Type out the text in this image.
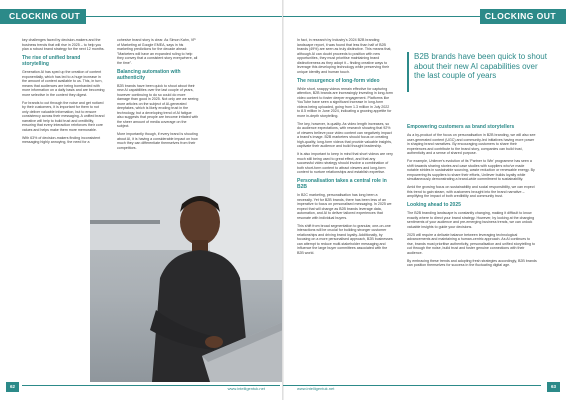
CLOCKING OUT

key challenges faced by decision-makers and the business trends that will rise in 2025 – to help you plan a robust brand strategy for the next 12 months.

The rise of unified brand storytelling

Generation AI has sped up the creation of content exponentially, which has led to a huge increase in the amount of content available to us. This, in turn, means that audiences are being bombarded with more information on a daily basis and are becoming more selective in the content they digest.

For brands to cut through the noise and get noticed by their customers, it is important for them to not only deliver valuable information, but to ensure consistency across their messaging. A unified brand narrative will help to build trust and credibility, ensuring that every interaction reinforces their core values and helps make them more memorable.

With 63% of decision-makers finding inconsistent messaging highly annoying, the need for a

cohesive brand story is clear. As Simon Kahn, VP of Marketing at Google EMEA, says in his marketing predictions for the decade ahead: "Marketers will have an expanded ruling to help they convey that a consistent story everywhere, all the time".

Balancing automation with authenticity

B2B brands have been quick to shout about their new AI capabilities over the last couple of years, however continuing to do so could do more damage than good in 2025. Not only are we seeing more articles on the subject of AI-generated deepfakes, which is likely eroding trust in the technology, but a developing trend of AI fatigue also suggests that people are become irritated with the sheer amount of media coverage on the subject.

More importantly though, if every brand is shouting about AI, it is having a considerable impact on how much they can differentiate themselves from their competitors.

62	www.intelligentuk.net
CLOCKING OUT

In fact, in research by Industry's 2024 B2B branding landscape report, it was found that less than half of B2B brands (49%) are seen as truly distinctive. This means that, although AI can doubt proceeds to position with new opportunities, they must prioritise maintaining brand distinctiveness as they adopt it – finding creative ways to leverage this developing technology while preserving their unique identity and human touch.

The resurgence of long-form video

While short, snappy videos remain effective for capturing attention, B2B brands are increasingly investing in long-form video content to foster deeper engagement. Platforms like YouTube have seen a significant increase in long-form videos being uploaded, going from 1.3 million in July 2022 to 8.5 million in June 2024, indicating a growing appetite for more in-depth storytelling.

The key, however, is quality. As video length increases, so do audience expectations, with research showing that 92% of viewers believe poor video content can negatively impact a brand's image. B2B marketers should focus on creating high-quality, long-form videos that provide valuable insights, captivate their audience and build thought leadership.

It is also important to keep in mind that short videos are very much still being used to great effect, and that any successful video strategy should involve a combination of both short-form content to attract viewers and long-form content to nurture relationships and establish expertise.

Personalisation takes a central role in B2B

In B2C marketing, personalisation has long been a necessity. Yet for B2B brands, there has been less of an imperative to focus on personalised messaging. In 2025 we expect that will change as B2B brands leverage data, automation, and AI to deliver tailored experiences that resonate with individual buyers.

This shift from broad segmentation to granular, one-on-one interactions will be crucial for building stronger customer relationships and driving brand loyalty. Additionally, by focusing on a more personalised approach, B2B businesses can attempt to reduce multi-stakeholder messaging and influence the large buyer committees associated with the B2B world.

B2B brands have been quick to shout about their new AI capabilities over the last couple of years
Empowering customers as brand storytellers

As a by-product of the focus on personalisation in B2B branding, we will also see user-generated content (UGC) and community-led initiatives having more power in shaping brand narratives. By encouraging customers to share their experiences and contribute to the brand story, companies can build trust, authenticity and a sense of shared purpose.

For example, Unilever's evolution of its 'Partner to Win' programme has seen a shift towards sharing stories and case studies with suppliers who've made notable strides in sustainable sourcing, waste reduction or renewable energy. By empowering its suppliers to share their efforts, Unilever builds loyalty while simultaneously demonstrating a brand-wide commitment to sustainability.

Amid the growing focus on sustainability and social responsibility, we can expect this trend to gain steam, with customers brought into the brand narrative – amplifying the impact of both credibility and community trust.

Looking ahead to 2025

The B2B branding landscape is constantly changing, making it difficult to know exactly where to direct your brand strategy. However, by looking at the changing sentiments of your audience and pre-emerging business trends, we can unlock valuable insights to guide your decisions.

2025 will require a delicate balance between leveraging technological advancements and maintaining a human-centric approach. As AI continues to rise, brands must prioritise authenticity, personalisation and unified storytelling to cut through the noise, build trust and foster genuine connections with their audience.

By embracing these trends and adopting fresh strategies accordingly, B2B brands can position themselves for success in the fluctuating digital age.

www.intelligentuk.net	63
